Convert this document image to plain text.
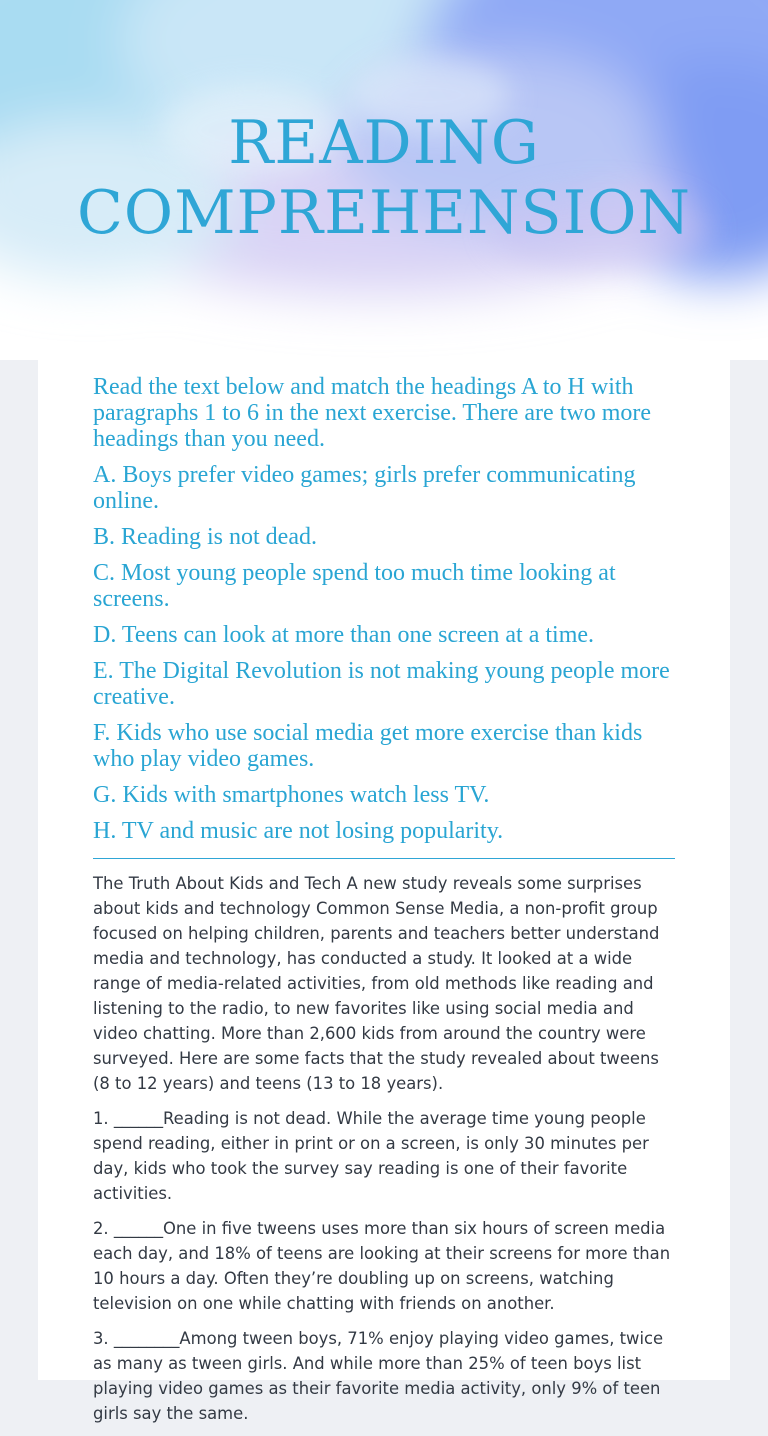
READING
COMPREHENSION

Read the text below and match the headings A to H with paragraphs 1 to 6 in the next exercise. There are two more headings than you need.

A. Boys prefer video games; girls prefer communicating online.

B. Reading is not dead.

C. Most young people spend too much time looking at screens.

D. Teens can look at more than one screen at a time.

E. The Digital Revolution is not making young people more creative.

F. Kids who use social media get more exercise than kids who play video games.

G. Kids with smartphones watch less TV.

H. TV and music are not losing popularity.

The Truth About Kids and Tech A new study reveals some surprises about kids and technology Common Sense Media, a non-profit group focused on helping children, parents and teachers better understand media and technology, has conducted a study. It looked at a wide range of media-related activities, from old methods like reading and listening to the radio, to new favorites like using social media and video chatting. More than 2,600 kids from around the country were surveyed. Here are some facts that the study revealed about tweens (8 to 12 years) and teens (13 to 18 years).

1. ______Reading is not dead. While the average time young people spend reading, either in print or on a screen, is only 30 minutes per day, kids who took the survey say reading is one of their favorite activities.

2. ______One in five tweens uses more than six hours of screen media each day, and 18% of teens are looking at their screens for more than 10 hours a day. Often they’re doubling up on screens, watching television on one while chatting with friends on another.

3. ________Among tween boys, 71% enjoy playing video games, twice as many as tween girls. And while more than 25% of teen boys list playing video games as their favorite media activity, only 9% of teen girls say the same.
